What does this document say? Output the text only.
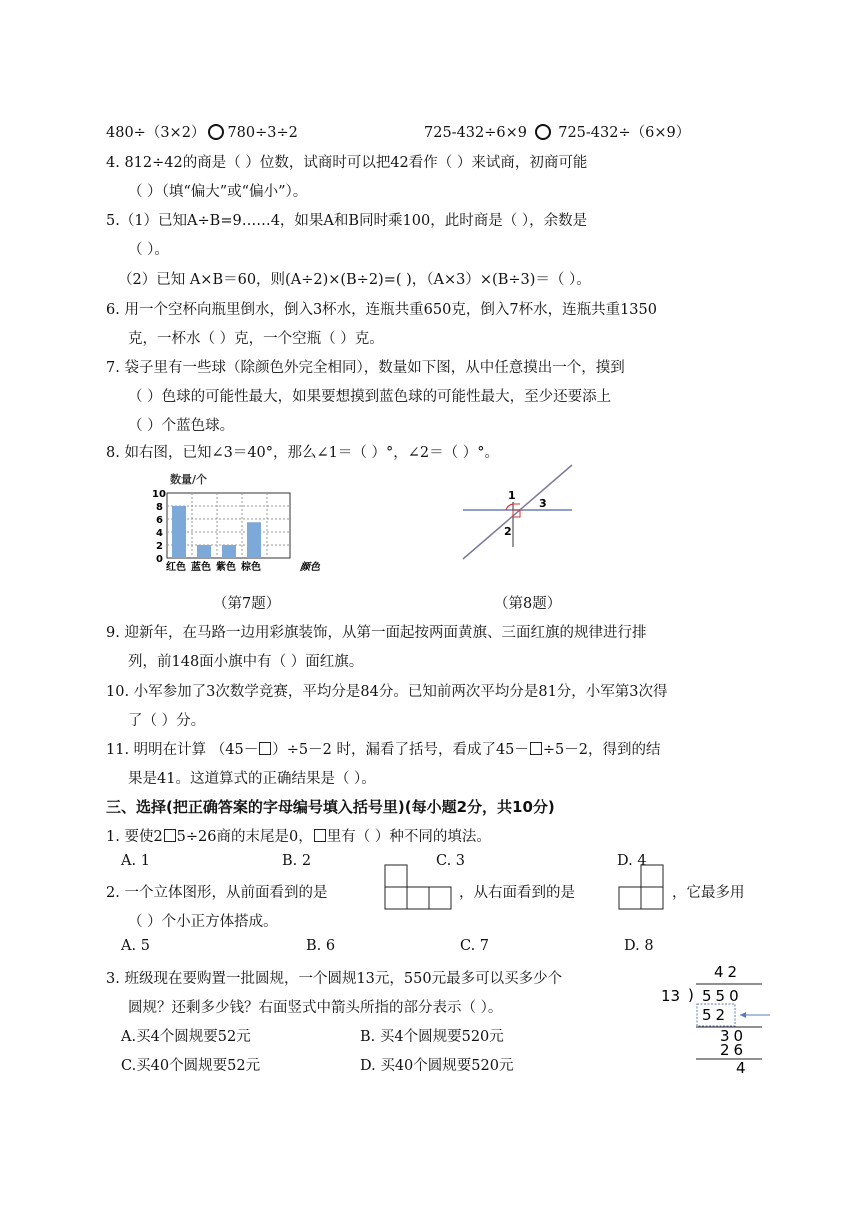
480÷（3×2） 780÷3÷2	725-432÷6×9 725-432÷（6×9）
4. 812÷42的商是（ ）位数，试商时可以把42看作（ ）来试商，初商可能
（ ）（填“偏大”或“偏小”）。
5.（1）已知A÷B=9……4，如果A和B同时乘100，此时商是（ ），余数是
（ ）。
（2）已知 A×B＝60，则(A÷2)×(B÷2)=( )，（A×3）×(B÷3)＝（ ）。
6. 用一个空杯向瓶里倒水，倒入3杯水，连瓶共重650克，倒入7杯水，连瓶共重1350
克，一杯水（ ）克，一个空瓶（ ）克。
7. 袋子里有一些球（除颜色外完全相同），数量如下图，从中任意摸出一个，摸到
（ ）色球的可能性最大，如果要想摸到蓝色球的可能性最大，至少还要添上
（ ）个蓝色球。
8. 如右图，已知∠3＝40°，那么∠1＝（ ）°，∠2＝（ ）°。
数量/个
10
8
6
4
2
0
红色 蓝色 紫色 棕色	颜色
1
3
2
（第7题）	（第8题）
9. 迎新年，在马路一边用彩旗装饰，从第一面起按两面黄旗、三面红旗的规律进行排
列，前148面小旗中有（ ）面红旗。
10. 小军参加了3次数学竞赛，平均分是84分。已知前两次平均分是81分，小军第3次得
了（ ）分。
11. 明明在计算 （45－ ）÷5－2 时，漏看了括号，看成了45－ ÷5－2，得到的结
果是41。这道算式的正确结果是（ ）。
三、选择(把正确答案的字母编号填入括号里)(每小题2分，共10分)
1. 要使2 5÷26商的末尾是0， 里有（ ）种不同的填法。
A. 1	B. 2	C. 3	D. 4
2. 一个立体图形，从前面看到的是	，从右面看到的是	，它最多用
（ ）个小正方体搭成。
A. 5	B. 6	C. 7	D. 8
3. 班级现在要购置一批圆规，一个圆规13元，550元最多可以买多少个
圆规？还剩多少钱？右面竖式中箭头所指的部分表示（ ）。
A.买4个圆规要52元	B. 买4个圆规要520元
C.买40个圆规要52元	D. 买40个圆规要520元
42
13 ) 550
52
30
26
4
